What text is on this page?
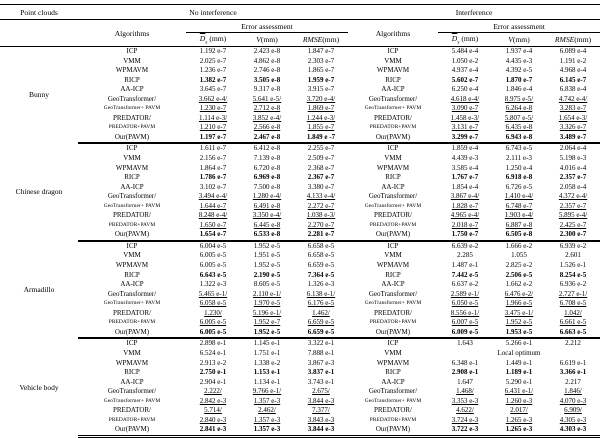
Point clouds	No interference				Interference			
	Algorithms	Error assessment			Algorithms	Error assessment		
		$\overline{D}_s$ (mm)	V(mm)	RMSE(mm)		$\overline{D}_s$ (mm)	V(mm)	RMSE(mm)
Bunny	ICP	1.192 e-7	2.423 e-8	1.847 e-7	ICP	5.484 e-4	1.937 e-4	6.089 e-4
	VMM	2.025 e-7	4.862 e-8	2.303 e-7	VMM	1.050 e-2	4.435 e-3	1.191 e-2
	WPMAVM	1.236 e-7	2.746 e-8	1.865 e-7	WPMAVM	4.937 e-4	4.392 e-5	4.968 e-4
	RICP	1.382 e-7	3.505 e-8	1.959 e-7	RICP	5.602 e-7	1.870 e-7	6.145 e-7
	AA-ICP	3.645 e-7	9.317 e-8	3.915 e-7	AA-ICP	6.250 e-4	1.846 e-4	6.838 e-4
	GeoTransformer/	3.662 e-4/	5.641 e-5/	3.720 e-4/	GeoTransformer/	4.618 e-4/	8.975 e-5/	4.742 e-4/
	GeoTransformer+ PAVM	1.230 e-7	2.712 e-8	1.869 e-7	GeoTransformer+ PAVM	3.090 e-7	6.264 e-8	3.283 e-7
	PREDATOR/	1.114 e-3/	3.852 e-4/	1.244 e-3/	PREDATOR/	1.458 e-3/	5.807 e-5/	1.654 e-3/
	PREDATOR+PAVM	1.210 e-7	2.566 e-8	1.855 e-7	PREDATOR+PAVM	3.131 e-7	6.435 e-8	3.326 e-7
	Our(PAVM)	1.197 e-7	2.467 e-8	1.849 e -7	Our(PAVM)	3.299 e-7	6.943 e-8	3.489 e-7
Chinese dragon	ICP	1.611 e-7	6.412 e-8	2.255 e-7	ICP	1.859 e-4	6.743 e-5	2.064 e-4
	VMM	2.156 e-7	7.139 e-8	2.509 e-7	VMM	4.439 e-3	2.111 e-3	5.198 e-3
	WPMAVM	1.864 e-7	6.720 e-8	2.368 e-7	WPMAVM	3.585 e-4	1.250 e-4	4.016 e-4
	RICP	1.786 e-7	6.969 e-8	2.367 e-7	RICP	1.767 e-7	6.918 e-8	2.357 e-7
	AA-ICP	3.102 e-7	7.500 e-8	3.380 e-7	AA-ICP	1.854 e-4	6.726 e-5	2.058 e-4
	GeoTransformer/	3.494 e-4/	1.280 e-4/	4.133 e-4/	GeoTransformer/	3.867 e-4/	1.410 e-4/	4.372 e-4/
	GeoTransformer+ PAVM	1.644 e-7	6.491 e-8	2.272 e-7	GeoTransformer+ PAVM	1.828 e-7	6.748 e-7	2.357 e-7
	PREDATOR/	8.248 e-4/	3.350 e-4/	1.038 e-3/	PREDATOR/	4.965 e-4/	1.903 e-4/	5.895 e-4/
	PREDATOR+PAVM	1.650 e-7	6.445 e-8	2.270 e-7	PREDATOR+PAVM	2.018 e-7	6.887 e-8	2.425 e-7
	Our(PAVM)	1.654 e-7	6.533 e-8	2.281 e-7	Our(PAVM)	1.750 e-7	6.505 e-8	2.300 e-7
Armadillo	ICP	6.004 e-5	1.952 e-5	6.658 e-5	ICP	6.639 e-2	1.666 e-2	6.939 e-2
	VMM	6.005 e-5	1.951 e-5	6.658 e-5	VMM	2.285	1.055	2.601
	WPMAVM	6.005 e-5	1.952 e-5	6.659 e-5	WPMAVM	1.487 e-1	2.825 e-2	1.526 e-1
	RICP	6.643 e-5	2.190 e-5	7.364 e-5	RICP	7.442 e-5	2.506 e-5	8.254 e-5
	AA-ICP	1.322 e-3	8.605 e-5	1.326 e-3	AA-ICP	6.637 e-2	1.662 e-2	6.936 e-2
	GeoTransformer/	5.465 e-1/	2.110 e-1/	6.138 e-1/	GeoTransformer/	2.589 e-1/	6.476 e-2/	2.727 e-1/
	GeoTransformer+ PAVM	6.058 e-5	1.970 e-5	6.176 e-5	GeoTransformer+ PAVM	6.050 e-5	1.966 e-5	6.708 e-5
	PREDATOR/	1.230/	5.196 e-1/	1.462/	PREDATOR/	8.556 e-1/	3.475 e-1/	1.042/
	PREDATOR+PAVM	6.005 e-5	1.952 e-7	6.659 e-5	PREDATOR+PAVM	6.007 e-5	1.952 e-5	6.661 e-5
	Our(PAVM)	6.005 e-5	1.952 e-5	6.659 e-5	Our(PAVM)	6.009 e-5	1.953 e-5	6.663 e-5
Vehicle body	ICP	2.898 e-1	1.145 e-1	3.322 e-1	ICP	1.643	5.266 e-1	2.212
	VMM	6.524 e-1	1.751 e-1	7.888 e-1	VMM	Local optimum		
	WPMAVM	2.913 e-2	1.338 e-2	3.867 e-3	WPMAVM	6.348 e-1	1.449 e-1	6.619 e-1
	RICP	2.750 e-1	1.153 e-1	3.837 e-1	RICP	2.908 e-1	1.189 e-1	3.366 e-1
	AA-ICP	2.904 e-1	1.134 e-1	3.743 e-1	AA-ICP	1.647	5.290 e-1	2.217
	GeoTransformer/	2.222/	9.766 e-1/	2.675/	GeoTransformer/	1.468/	6.431 e-1/	1.846/
	GeoTransformer+ PAVM	2.842 e-3	1.357 e-3	3.844 e-3	GeoTransformer+ PAVM	3.353 e-3	1.260 e-3	4.070 e-3
	PREDATOR/	5.714/	2.462/	7.377/	PREDATOR/	4.622/	2.017/	6.909/
	PREDATOR+PAVM	2.840 e-3	1.357 e-3	3.843 e-3	PREDATOR+PAVM	3.724 e-3	1.265 e-3	4.305 e-3
	Our(PAVM)	2.841 e-3	1.357 e-3	3.844 e-3	Our(PAVM)	3.722 e-3	1.265 e-3	4.303 e-3
